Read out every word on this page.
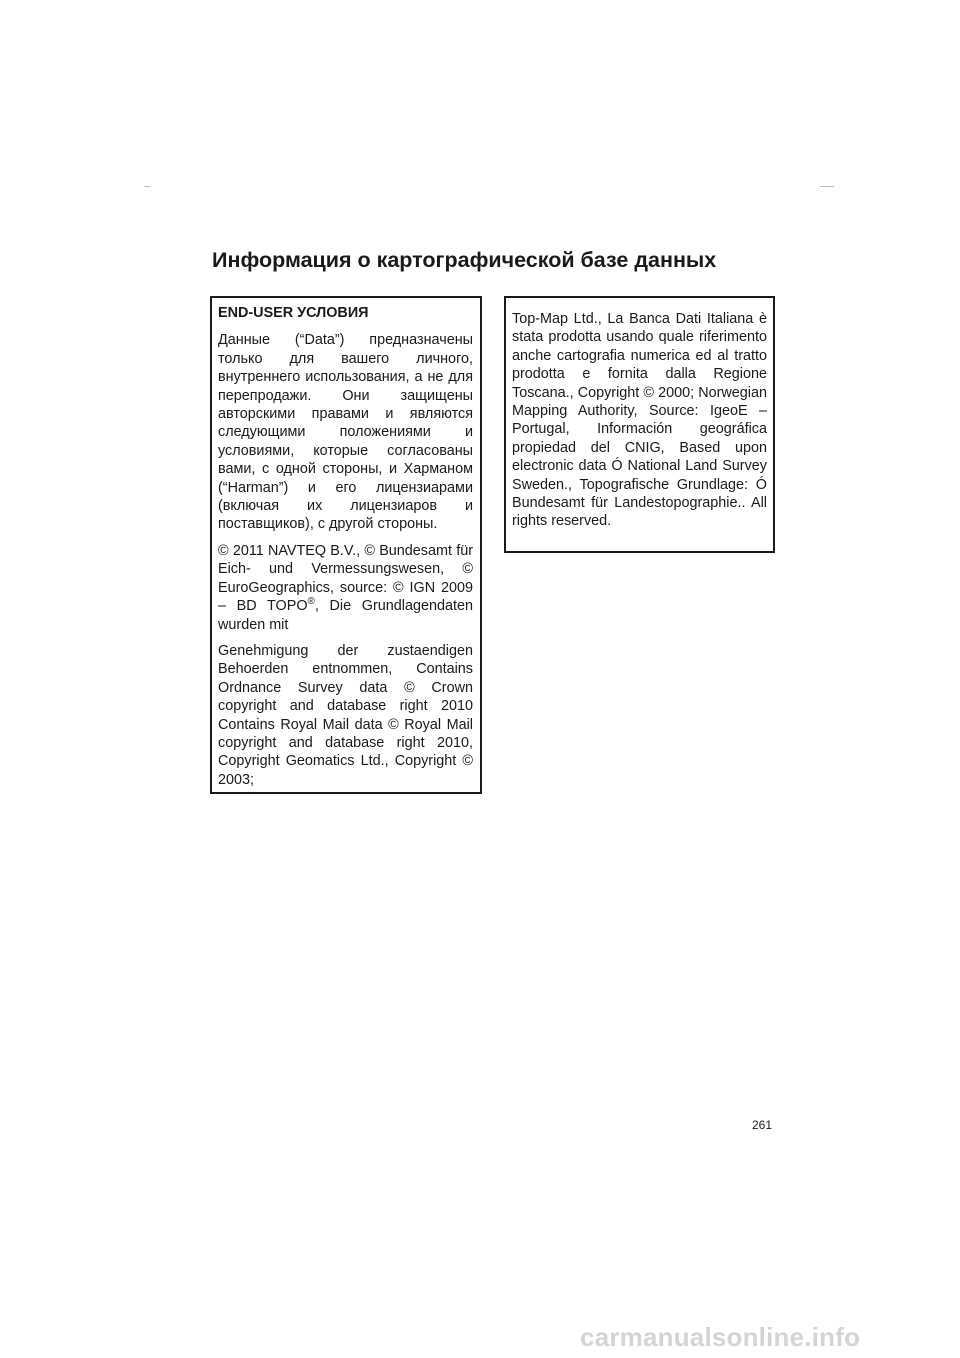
Информация о картографической базе данных

END-USER УСЛОВИЯ

Данные (“Data”) предназначены только для вашего личного, внутреннего использования, а не для перепродажи. Они защищены авторскими правами и являются следующими положениями и условиями, которые согласованы вами, с одной стороны, и Харманом (“Harman”) и его лицензиарами (включая их лицензиаров и поставщиков), с другой стороны.

© 2011 NAVTEQ B.V., © Bundesamt für Eich- und Vermessungswesen, © EuroGeographics, source: © IGN 2009 – BD TOPO®, Die Grundlagendaten wurden mit

Genehmigung der zustaendigen Behoerden entnommen, Contains Ordnance Survey data © Crown copyright and database right 2010 Contains Royal Mail data © Royal Mail copyright and database right 2010, Copyright Geomatics Ltd., Copyright © 2003;

Top-Map Ltd., La Banca Dati Italiana è stata prodotta usando quale riferimento anche cartografia numerica ed al tratto prodotta e fornita dalla Regione Toscana., Copyright © 2000; Norwegian Mapping Authority, Source: IgeoE – Portugal, Información geográfica propiedad del CNIG, Based upon electronic data Ó National Land Survey Sweden., Topografische Grundlage: Ó Bundesamt für Landestopographie.. All rights reserved.

261
carmanualsonline.info
